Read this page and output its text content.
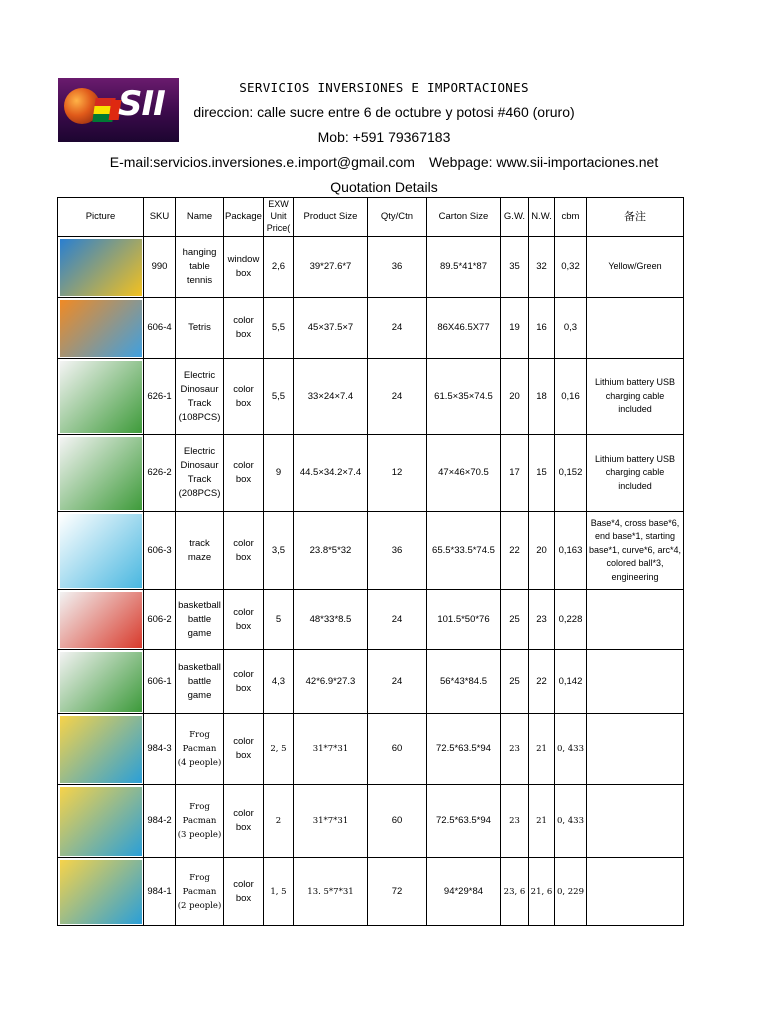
SII	SERVICIOS INVERSIONES E IMPORTACIONES
direccion: calle sucre entre 6 de octubre y potosi #460 (oruro)
Mob: +591 79367183
E-mail:servicios.inversiones.e.import@gmail.com Webpage: www.sii-importaciones.net
Quotation Details
Picture	SKU	Name	Package	EXW Unit Price(	Product Size	Qty/Ctn	Carton Size	G.W.	N.W.	cbm	备注

	990	hanging table tennis	window box	2,6	39*27.6*7	36	89.5*41*87	35	32	0,32	Yellow/Green

	606-4	Tetris	color box	5,5	45×37.5×7	24	86X46.5X77	19	16	0,3	

	626-1	Electric Dinosaur Track (108PCS)	color box	5,5	33×24×7.4	24	61.5×35×74.5	20	18	0,16	Lithium battery USB charging cable included

	626-2	Electric Dinosaur Track (208PCS)	color box	9	44.5×34.2×7.4	12	47×46×70.5	17	15	0,152	Lithium battery USB charging cable included

	606-3	track maze	color box	3,5	23.8*5*32	36	65.5*33.5*74.5	22	20	0,163	Base*4, cross base*6, end base*1, starting base*1, curve*6, arc*4, colored ball*3, engineering

	606-2	basketball battle game	color box	5	48*33*8.5	24	101.5*50*76	25	23	0,228	

	606-1	basketball battle game	color box	4,3	42*6.9*27.3	24	56*43*84.5	25	22	0,142	

	984-3	Frog Pacman (4 people)	color box	2, 5	31*7*31	60	72.5*63.5*94	23	21	0, 433	

	984-2	Frog Pacman (3 people)	color box	2	31*7*31	60	72.5*63.5*94	23	21	0, 433	

	984-1	Frog Pacman (2 people)	color box	1, 5	13. 5*7*31	72	94*29*84	23, 6	21, 6	0, 229	
